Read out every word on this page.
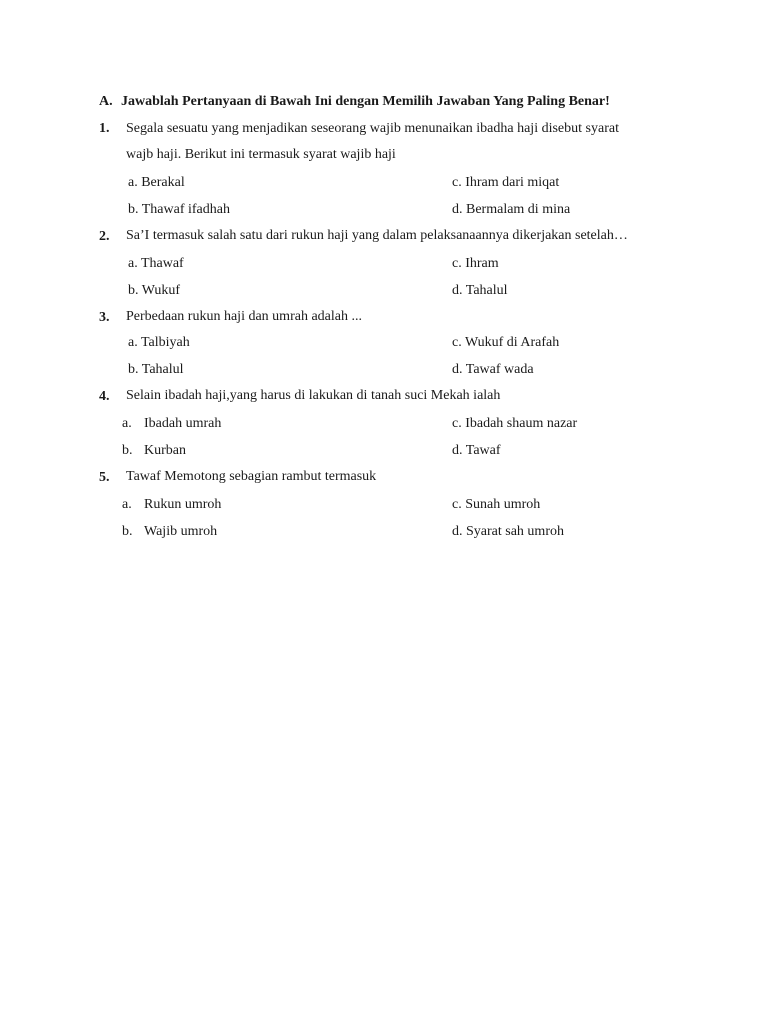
A. Jawablah Pertanyaan di Bawah Ini dengan Memilih Jawaban Yang Paling Benar!
1. Segala sesuatu yang menjadikan seseorang wajib menunaikan ibadha haji disebut syarat
wajb haji. Berikut ini termasuk syarat wajib haji
a. Berakal	c. Ihram dari miqat
b. Thawaf ifadhah	d. Bermalam di mina
2. Sa’I termasuk salah satu dari rukun haji yang dalam pelaksanaannya dikerjakan setelah…
a. Thawaf	c. Ihram
b. Wukuf	d. Tahalul
3. Perbedaan rukun haji dan umrah adalah ...
a. Talbiyah	c. Wukuf di Arafah
b. Tahalul	d. Tawaf wada
4. Selain ibadah haji,yang harus di lakukan di tanah suci Mekah ialah
a. Ibadah umrah	c. Ibadah shaum nazar
b. Kurban	d. Tawaf
5. Tawaf Memotong sebagian rambut termasuk
a. Rukun umroh	c. Sunah umroh
b. Wajib umroh	d. Syarat sah umroh
